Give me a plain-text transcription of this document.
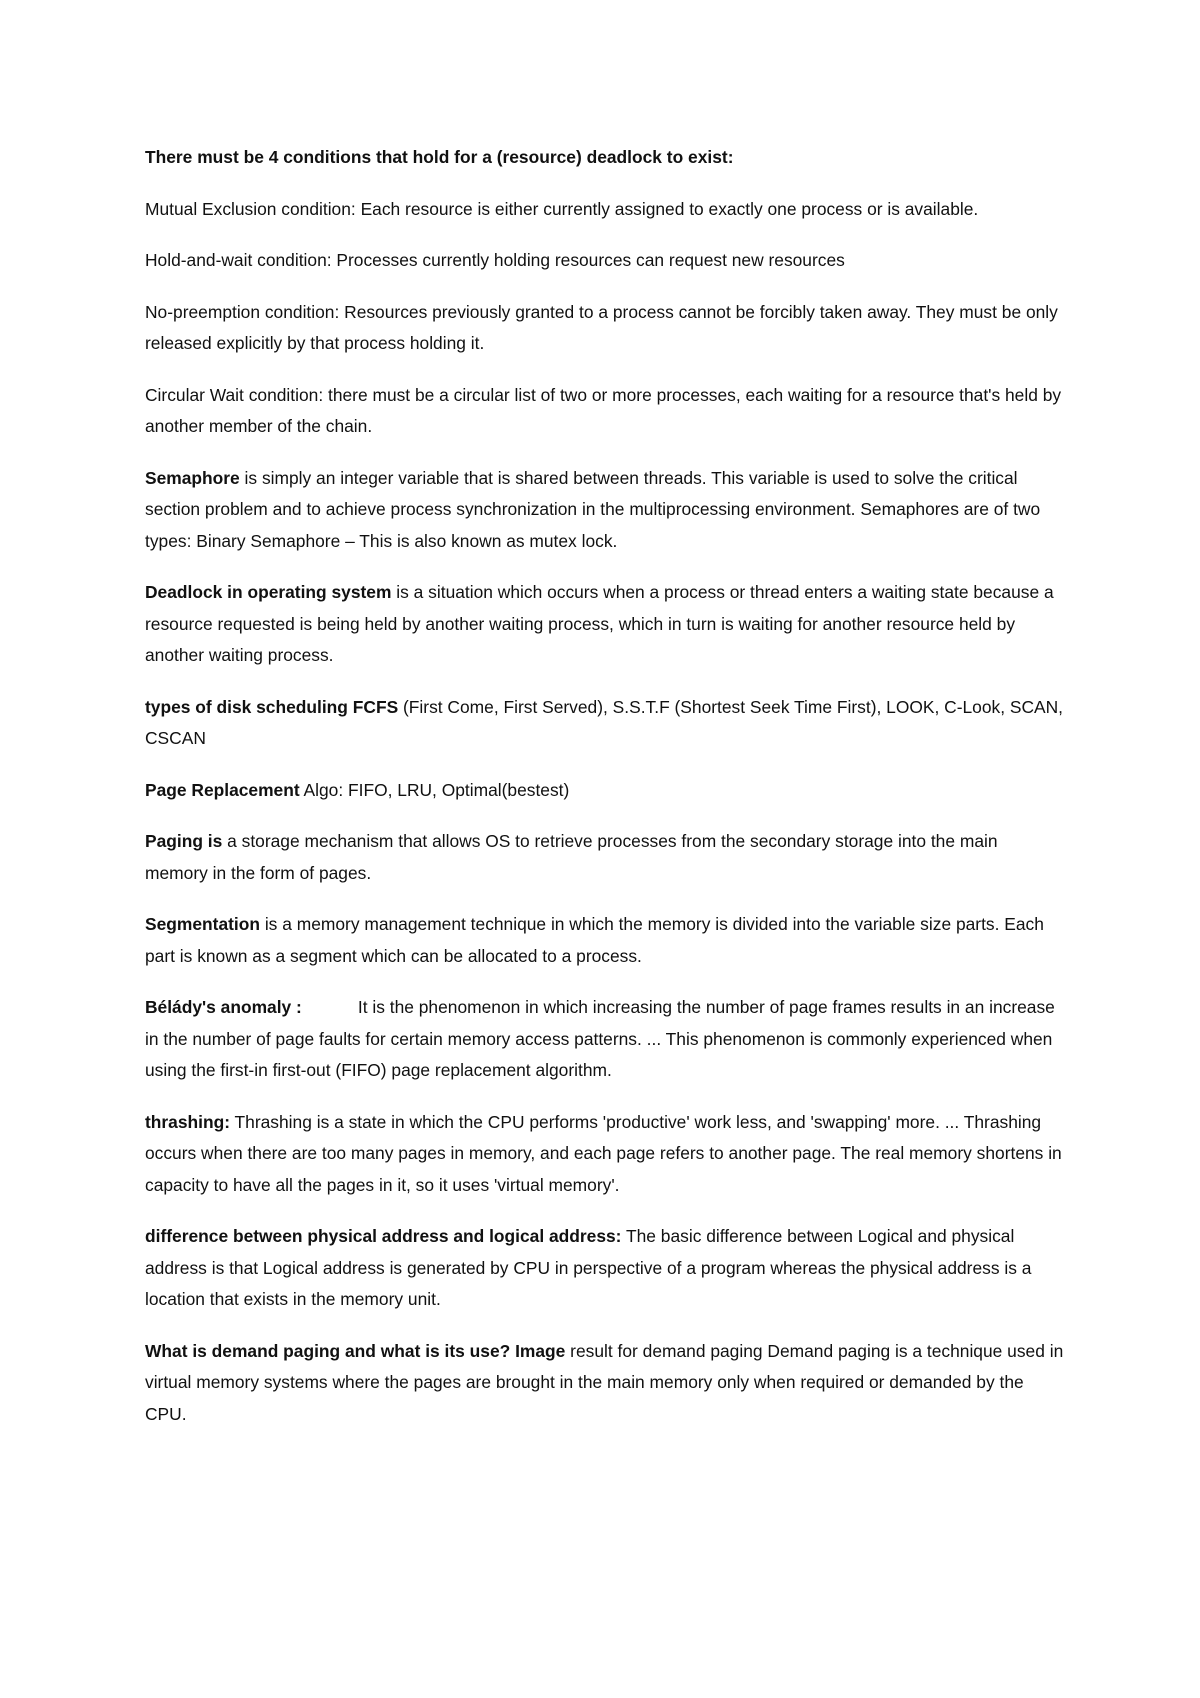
There must be 4 conditions that hold for a (resource) deadlock to exist:

Mutual Exclusion condition: Each resource is either currently assigned to exactly one process or is available.

Hold-and-wait condition: Processes currently holding resources can request new resources

No-preemption condition: Resources previously granted to a process cannot be forcibly taken away. They must be only released explicitly by that process holding it.

Circular Wait condition: there must be a circular list of two or more processes, each waiting for a resource that's held by another member of the chain.

Semaphore is simply an integer variable that is shared between threads. This variable is used to solve the critical section problem and to achieve process synchronization in the multiprocessing environment. Semaphores are of two types: Binary Semaphore – This is also known as mutex lock.

Deadlock in operating system is a situation which occurs when a process or thread enters a waiting state because a resource requested is being held by another waiting process, which in turn is waiting for another resource held by another waiting process.

types of disk scheduling FCFS (First Come, First Served), S.S.T.F (Shortest Seek Time First), LOOK, C-Look, SCAN, CSCAN

Page Replacement Algo: FIFO, LRU, Optimal(bestest)

Paging is a storage mechanism that allows OS to retrieve processes from the secondary storage into the main memory in the form of pages.

Segmentation is a memory management technique in which the memory is divided into the variable size parts. Each part is known as a segment which can be allocated to a process.

Bélády's anomaly :	It is the phenomenon in which increasing the number of page frames results in an increase in the number of page faults for certain memory access patterns. ... This phenomenon is commonly experienced when using the first-in first-out (FIFO) page replacement algorithm.

thrashing: Thrashing is a state in which the CPU performs 'productive' work less, and 'swapping' more. ... Thrashing occurs when there are too many pages in memory, and each page refers to another page. The real memory shortens in capacity to have all the pages in it, so it uses 'virtual memory'.

difference between physical address and logical address: The basic difference between Logical and physical address is that Logical address is generated by CPU in perspective of a program whereas the physical address is a location that exists in the memory unit.

What is demand paging and what is its use? Image result for demand paging Demand paging is a technique used in virtual memory systems where the pages are brought in the main memory only when required or demanded by the CPU.
